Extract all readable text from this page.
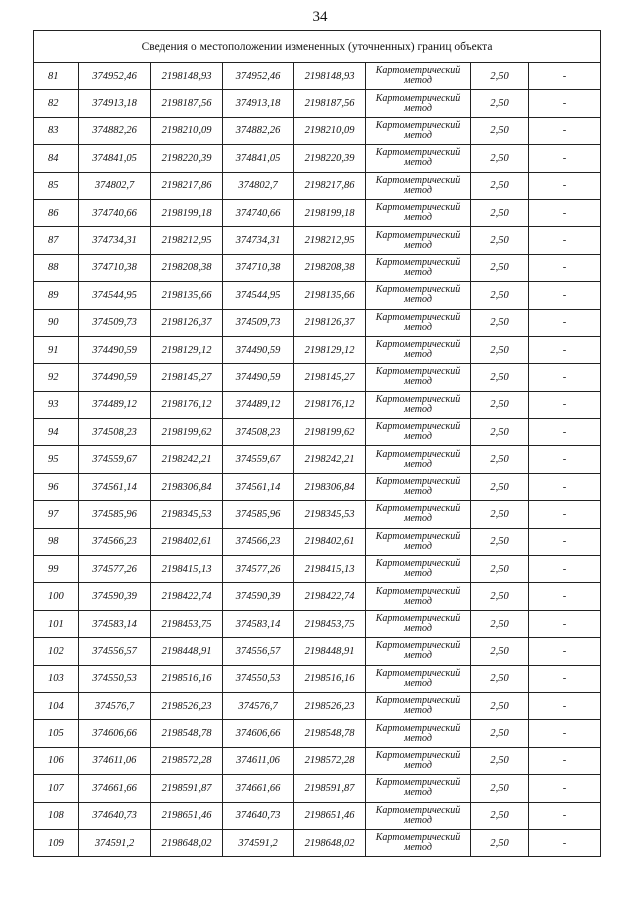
34
Сведения о местоположении измененных (уточненных) границ объекта							
81	374952,46	2198148,93	374952,46	2198148,93	Картометрический метод	2,50	-
82	374913,18	2198187,56	374913,18	2198187,56	Картометрический метод	2,50	-
83	374882,26	2198210,09	374882,26	2198210,09	Картометрический метод	2,50	-
84	374841,05	2198220,39	374841,05	2198220,39	Картометрический метод	2,50	-
85	374802,7	2198217,86	374802,7	2198217,86	Картометрический метод	2,50	-
86	374740,66	2198199,18	374740,66	2198199,18	Картометрический метод	2,50	-
87	374734,31	2198212,95	374734,31	2198212,95	Картометрический метод	2,50	-
88	374710,38	2198208,38	374710,38	2198208,38	Картометрический метод	2,50	-
89	374544,95	2198135,66	374544,95	2198135,66	Картометрический метод	2,50	-
90	374509,73	2198126,37	374509,73	2198126,37	Картометрический метод	2,50	-
91	374490,59	2198129,12	374490,59	2198129,12	Картометрический метод	2,50	-
92	374490,59	2198145,27	374490,59	2198145,27	Картометрический метод	2,50	-
93	374489,12	2198176,12	374489,12	2198176,12	Картометрический метод	2,50	-
94	374508,23	2198199,62	374508,23	2198199,62	Картометрический метод	2,50	-
95	374559,67	2198242,21	374559,67	2198242,21	Картометрический метод	2,50	-
96	374561,14	2198306,84	374561,14	2198306,84	Картометрический метод	2,50	-
97	374585,96	2198345,53	374585,96	2198345,53	Картометрический метод	2,50	-
98	374566,23	2198402,61	374566,23	2198402,61	Картометрический метод	2,50	-
99	374577,26	2198415,13	374577,26	2198415,13	Картометрический метод	2,50	-
100	374590,39	2198422,74	374590,39	2198422,74	Картометрический метод	2,50	-
101	374583,14	2198453,75	374583,14	2198453,75	Картометрический метод	2,50	-
102	374556,57	2198448,91	374556,57	2198448,91	Картометрический метод	2,50	-
103	374550,53	2198516,16	374550,53	2198516,16	Картометрический метод	2,50	-
104	374576,7	2198526,23	374576,7	2198526,23	Картометрический метод	2,50	-
105	374606,66	2198548,78	374606,66	2198548,78	Картометрический метод	2,50	-
106	374611,06	2198572,28	374611,06	2198572,28	Картометрический метод	2,50	-
107	374661,66	2198591,87	374661,66	2198591,87	Картометрический метод	2,50	-
108	374640,73	2198651,46	374640,73	2198651,46	Картометрический метод	2,50	-
109	374591,2	2198648,02	374591,2	2198648,02	Картометрический метод	2,50	-
